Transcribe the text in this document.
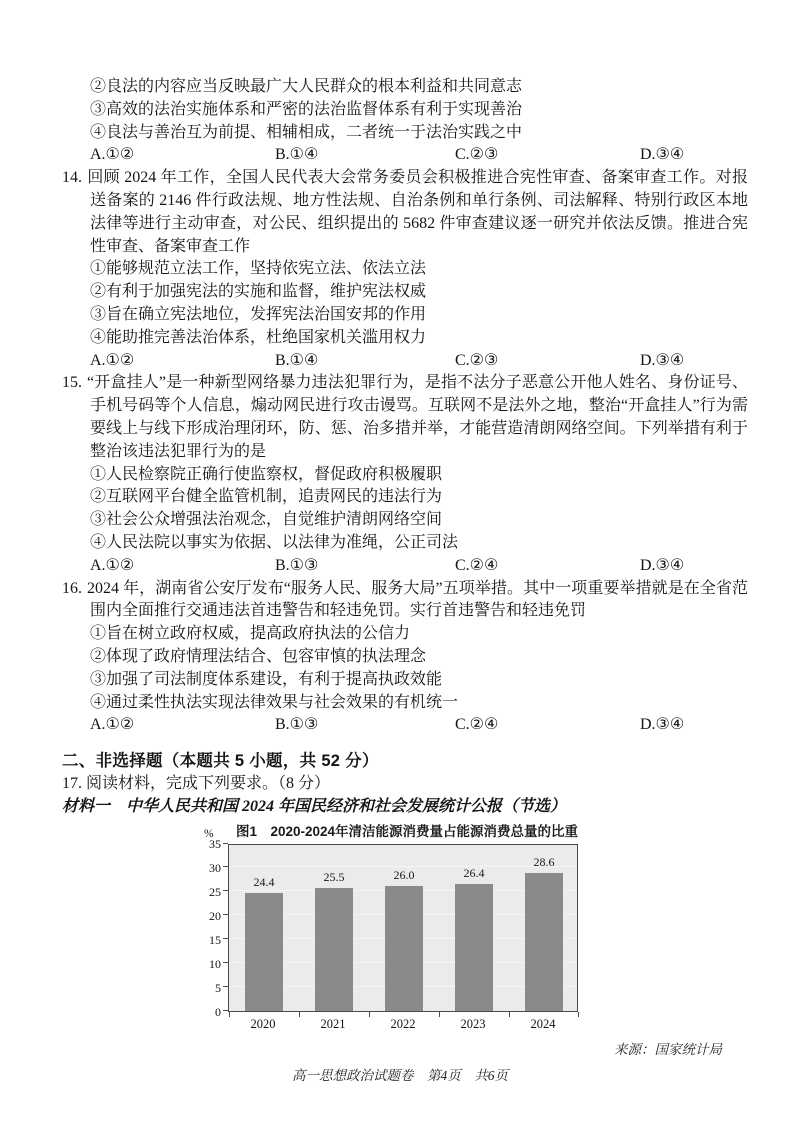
②良法的内容应当反映最广大人民群众的根本利益和共同意志
③高效的法治实施体系和严密的法治监督体系有利于实现善治
④良法与善治互为前提、相辅相成，二者统一于法治实践之中
A.①②	B.①④	C.②③	D.③④
14. 回顾 2024 年工作，全国人民代表大会常务委员会积极推进合宪性审查、备案审查工作。对报送备案的 2146 件行政法规、地方性法规、自治条例和单行条例、司法解释、特别行政区本地法律等进行主动审查，对公民、组织提出的 5682 件审查建议逐一研究并依法反馈。推进合宪性审查、备案审查工作
①能够规范立法工作，坚持依宪立法、依法立法
②有利于加强宪法的实施和监督，维护宪法权威
③旨在确立宪法地位，发挥宪法治国安邦的作用
④能助推完善法治体系，杜绝国家机关滥用权力
A.①②	B.①④	C.②③	D.③④
15. “开盒挂人”是一种新型网络暴力违法犯罪行为，是指不法分子恶意公开他人姓名、身份证号、手机号码等个人信息，煽动网民进行攻击谩骂。互联网不是法外之地，整治“开盒挂人”行为需要线上与线下形成治理闭环，防、惩、治多措并举，才能营造清朗网络空间。下列举措有利于整治该违法犯罪行为的是
①人民检察院正确行使监察权，督促政府积极履职
②互联网平台健全监管机制，追责网民的违法行为
③社会公众增强法治观念，自觉维护清朗网络空间
④人民法院以事实为依据、以法律为准绳，公正司法
A.①②	B.①③	C.②④	D.③④
16. 2024 年，湖南省公安厅发布“服务人民、服务大局”五项举措。其中一项重要举措就是在全省范围内全面推行交通违法首违警告和轻违免罚。实行首违警告和轻违免罚
①旨在树立政府权威，提高政府执法的公信力
②体现了政府情理法结合、包容审慎的执法理念
③加强了司法制度体系建设，有利于提高执政效能
④通过柔性执法实现法律效果与社会效果的有机统一
A.①②	B.①③	C.②④	D.③④
二、非选择题（本题共 5 小题，共 52 分）
17. 阅读材料，完成下列要求。（8 分）
材料一　中华人民共和国 2024 年国民经济和社会发展统计公报（节选）
图1　2020-2024年清洁能源消费量占能源消费总量的比重
%
0
5
10
15
20
25
30
35
24.4	25.5	26.0	26.4
28.6
2020	2021	2022	2023	2024
来源：国家统计局
高一思想政治试题卷　第4页　共6页
